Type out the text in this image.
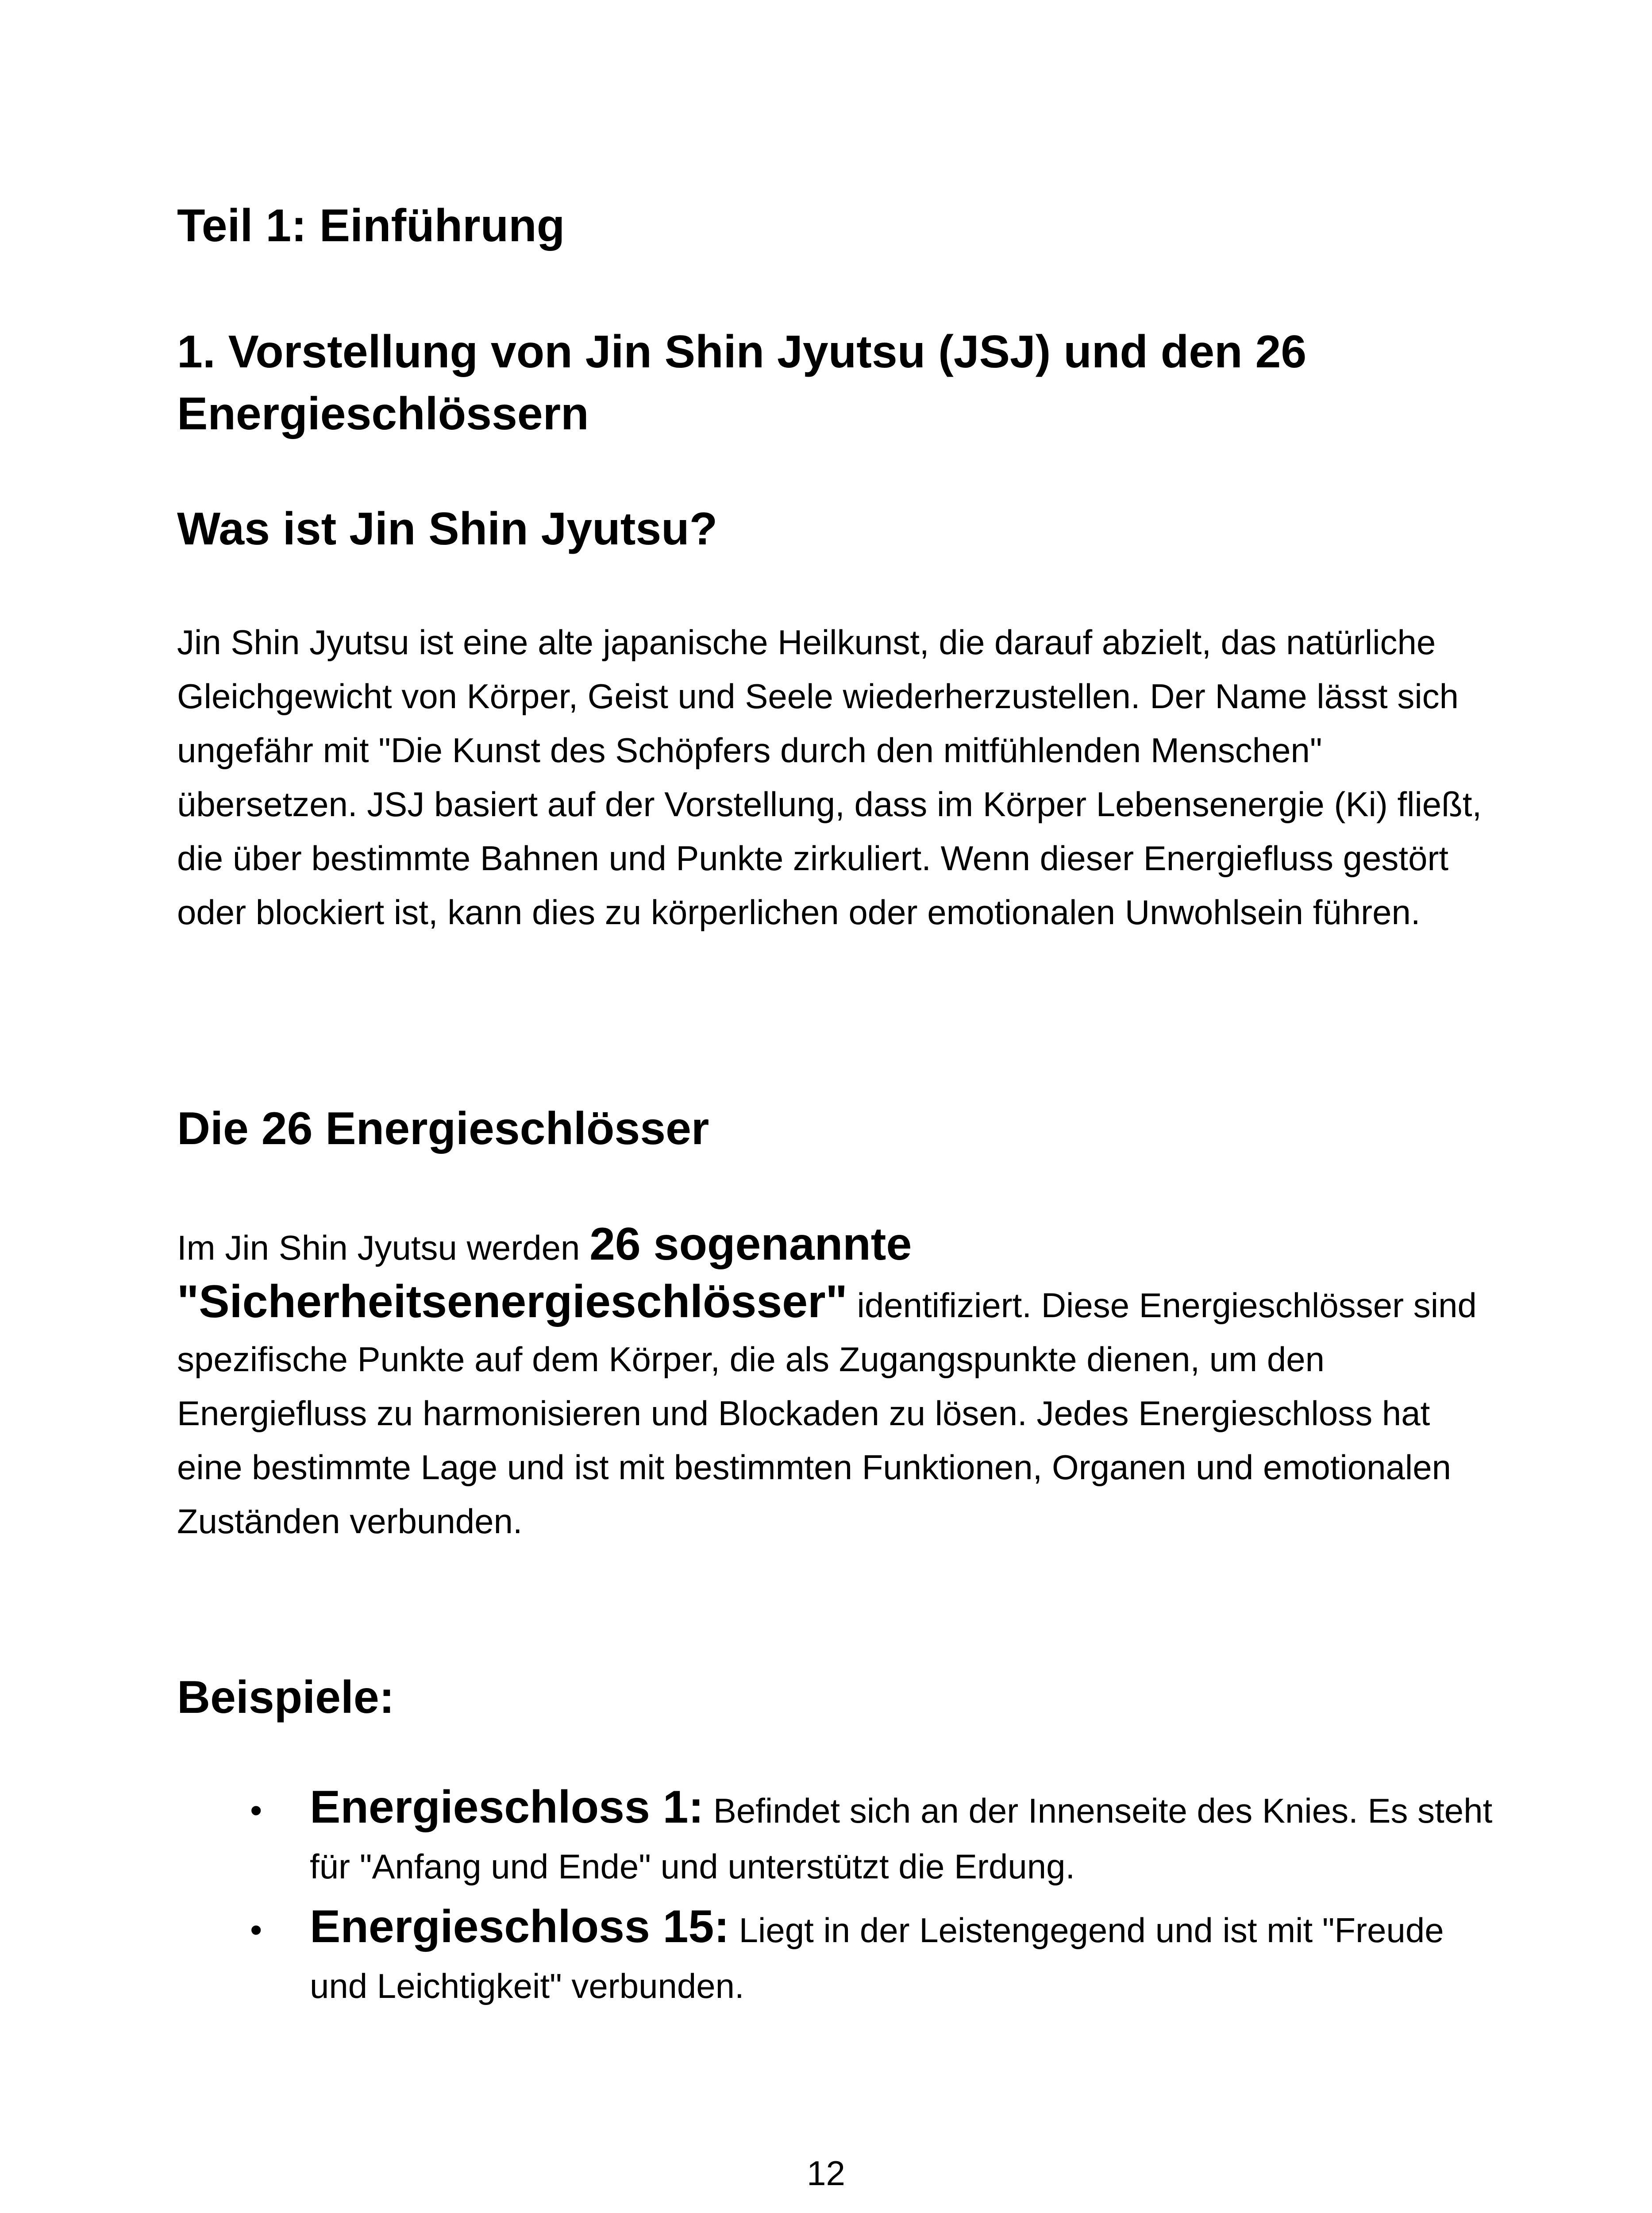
Teil 1: Einführung
1. Vorstellung von Jin Shin Jyutsu (JSJ) und den 26 Energieschlössern
Was ist Jin Shin Jyutsu?

Jin Shin Jyutsu ist eine alte japanische Heilkunst, die darauf abzielt, das natürliche Gleichgewicht von Körper, Geist und Seele wiederherzustellen. Der Name lässt sich ungefähr mit "Die Kunst des Schöpfers durch den mitfühlenden Menschen" übersetzen. JSJ basiert auf der Vorstellung, dass im Körper Lebensenergie (Ki) fließt, die über bestimmte Bahnen und Punkte zirkuliert. Wenn dieser Energiefluss gestört oder blockiert ist, kann dies zu körperlichen oder emotionalen Unwohlsein führen.

Die 26 Energieschlösser

Im Jin Shin Jyutsu werden 26 sogenannte "Sicherheitsenergieschlösser" identifiziert. Diese Energieschlösser sind spezifische Punkte auf dem Körper, die als Zugangspunkte dienen, um den Energiefluss zu harmonisieren und Blockaden zu lösen. Jedes Energieschloss hat eine bestimmte Lage und ist mit bestimmten Funktionen, Organen und emotionalen Zuständen verbunden.

Beispiele:
• Energieschloss 1: Befindet sich an der Innenseite des Knies. Es steht für "Anfang und Ende" und unterstützt die Erdung.
• Energieschloss 15: Liegt in der Leistengegend und ist mit "Freude und Leichtigkeit" verbunden.
12
